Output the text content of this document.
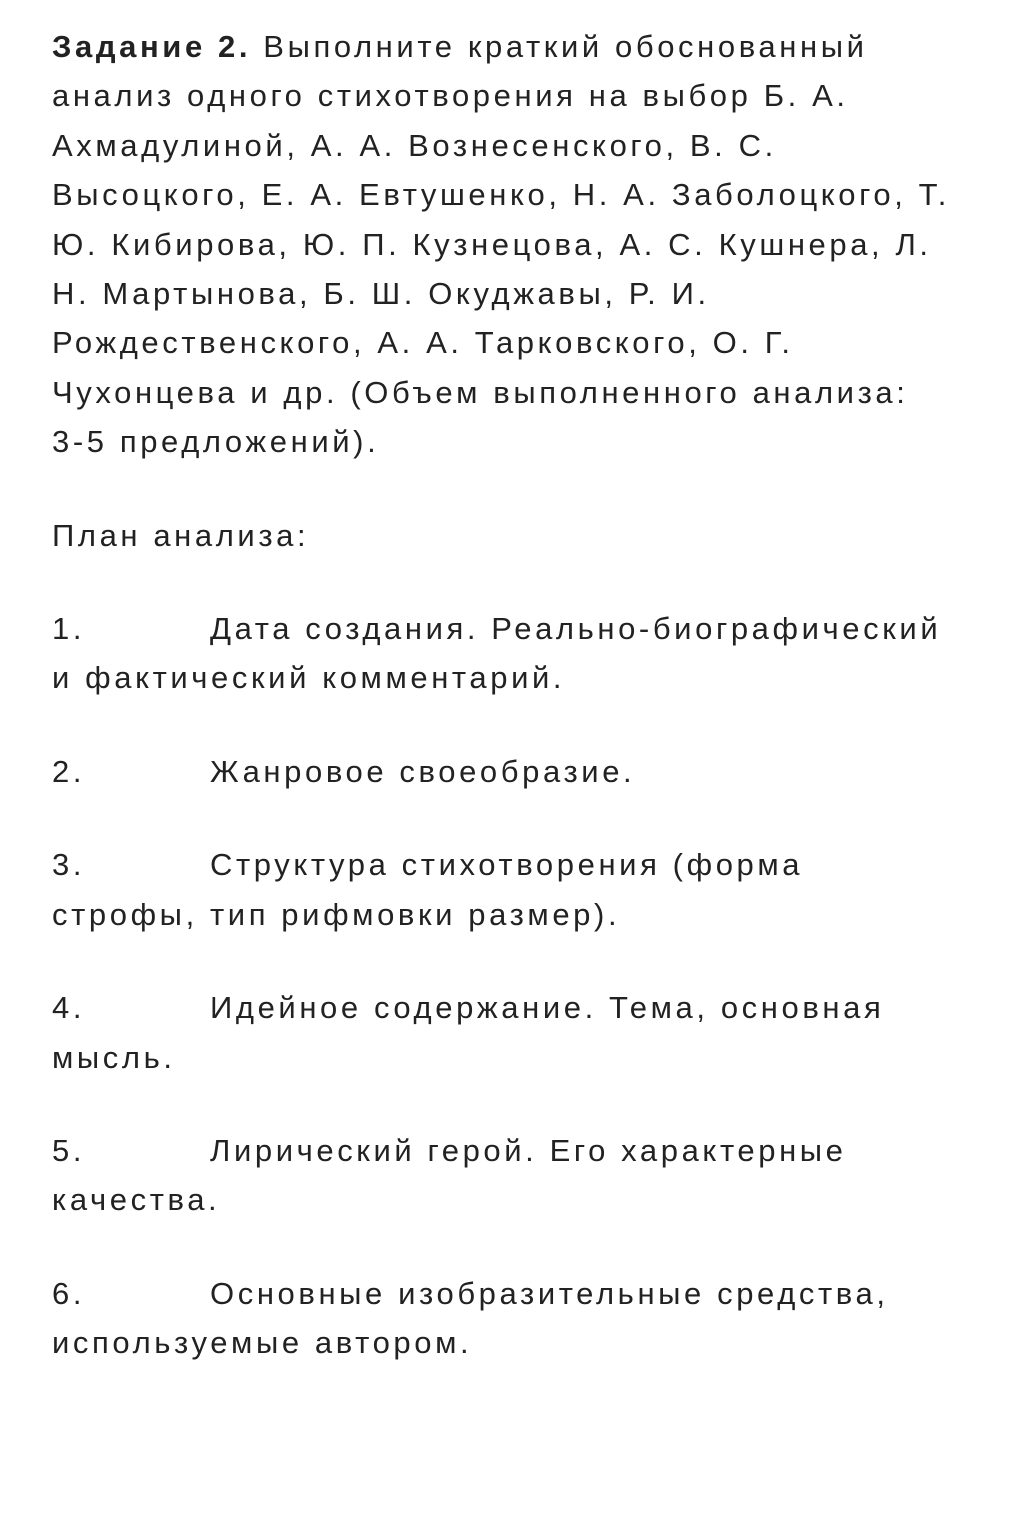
Задание 2. Выполните краткий обоснованный анализ одного стихотворения на выбор Б. А. Ахмадулиной, А. А. Вознесенского, В. С. Высоцкого, Е. А. Евтушенко, Н. А. Заболоцкого, Т. Ю. Кибирова, Ю. П. Кузнецова, А. С. Кушнера, Л. Н. Мартынова, Б. Ш. Окуджавы, Р. И. Рождественского, А. А. Тарковского, О. Г. Чухонцева и др. (Объем выполненного анализа: 3-5 предложений).

План анализа:

1.	Дата создания. Реально-биографический и фактический комментарий.
2.	Жанровое своеобразие.
3.	Структура стихотворения (форма строфы, тип рифмовки размер).
4.	Идейное содержание. Тема, основная мысль.
5.	Лирический герой. Его характерные качества.
6.	Основные изобразительные средства, используемые автором.
